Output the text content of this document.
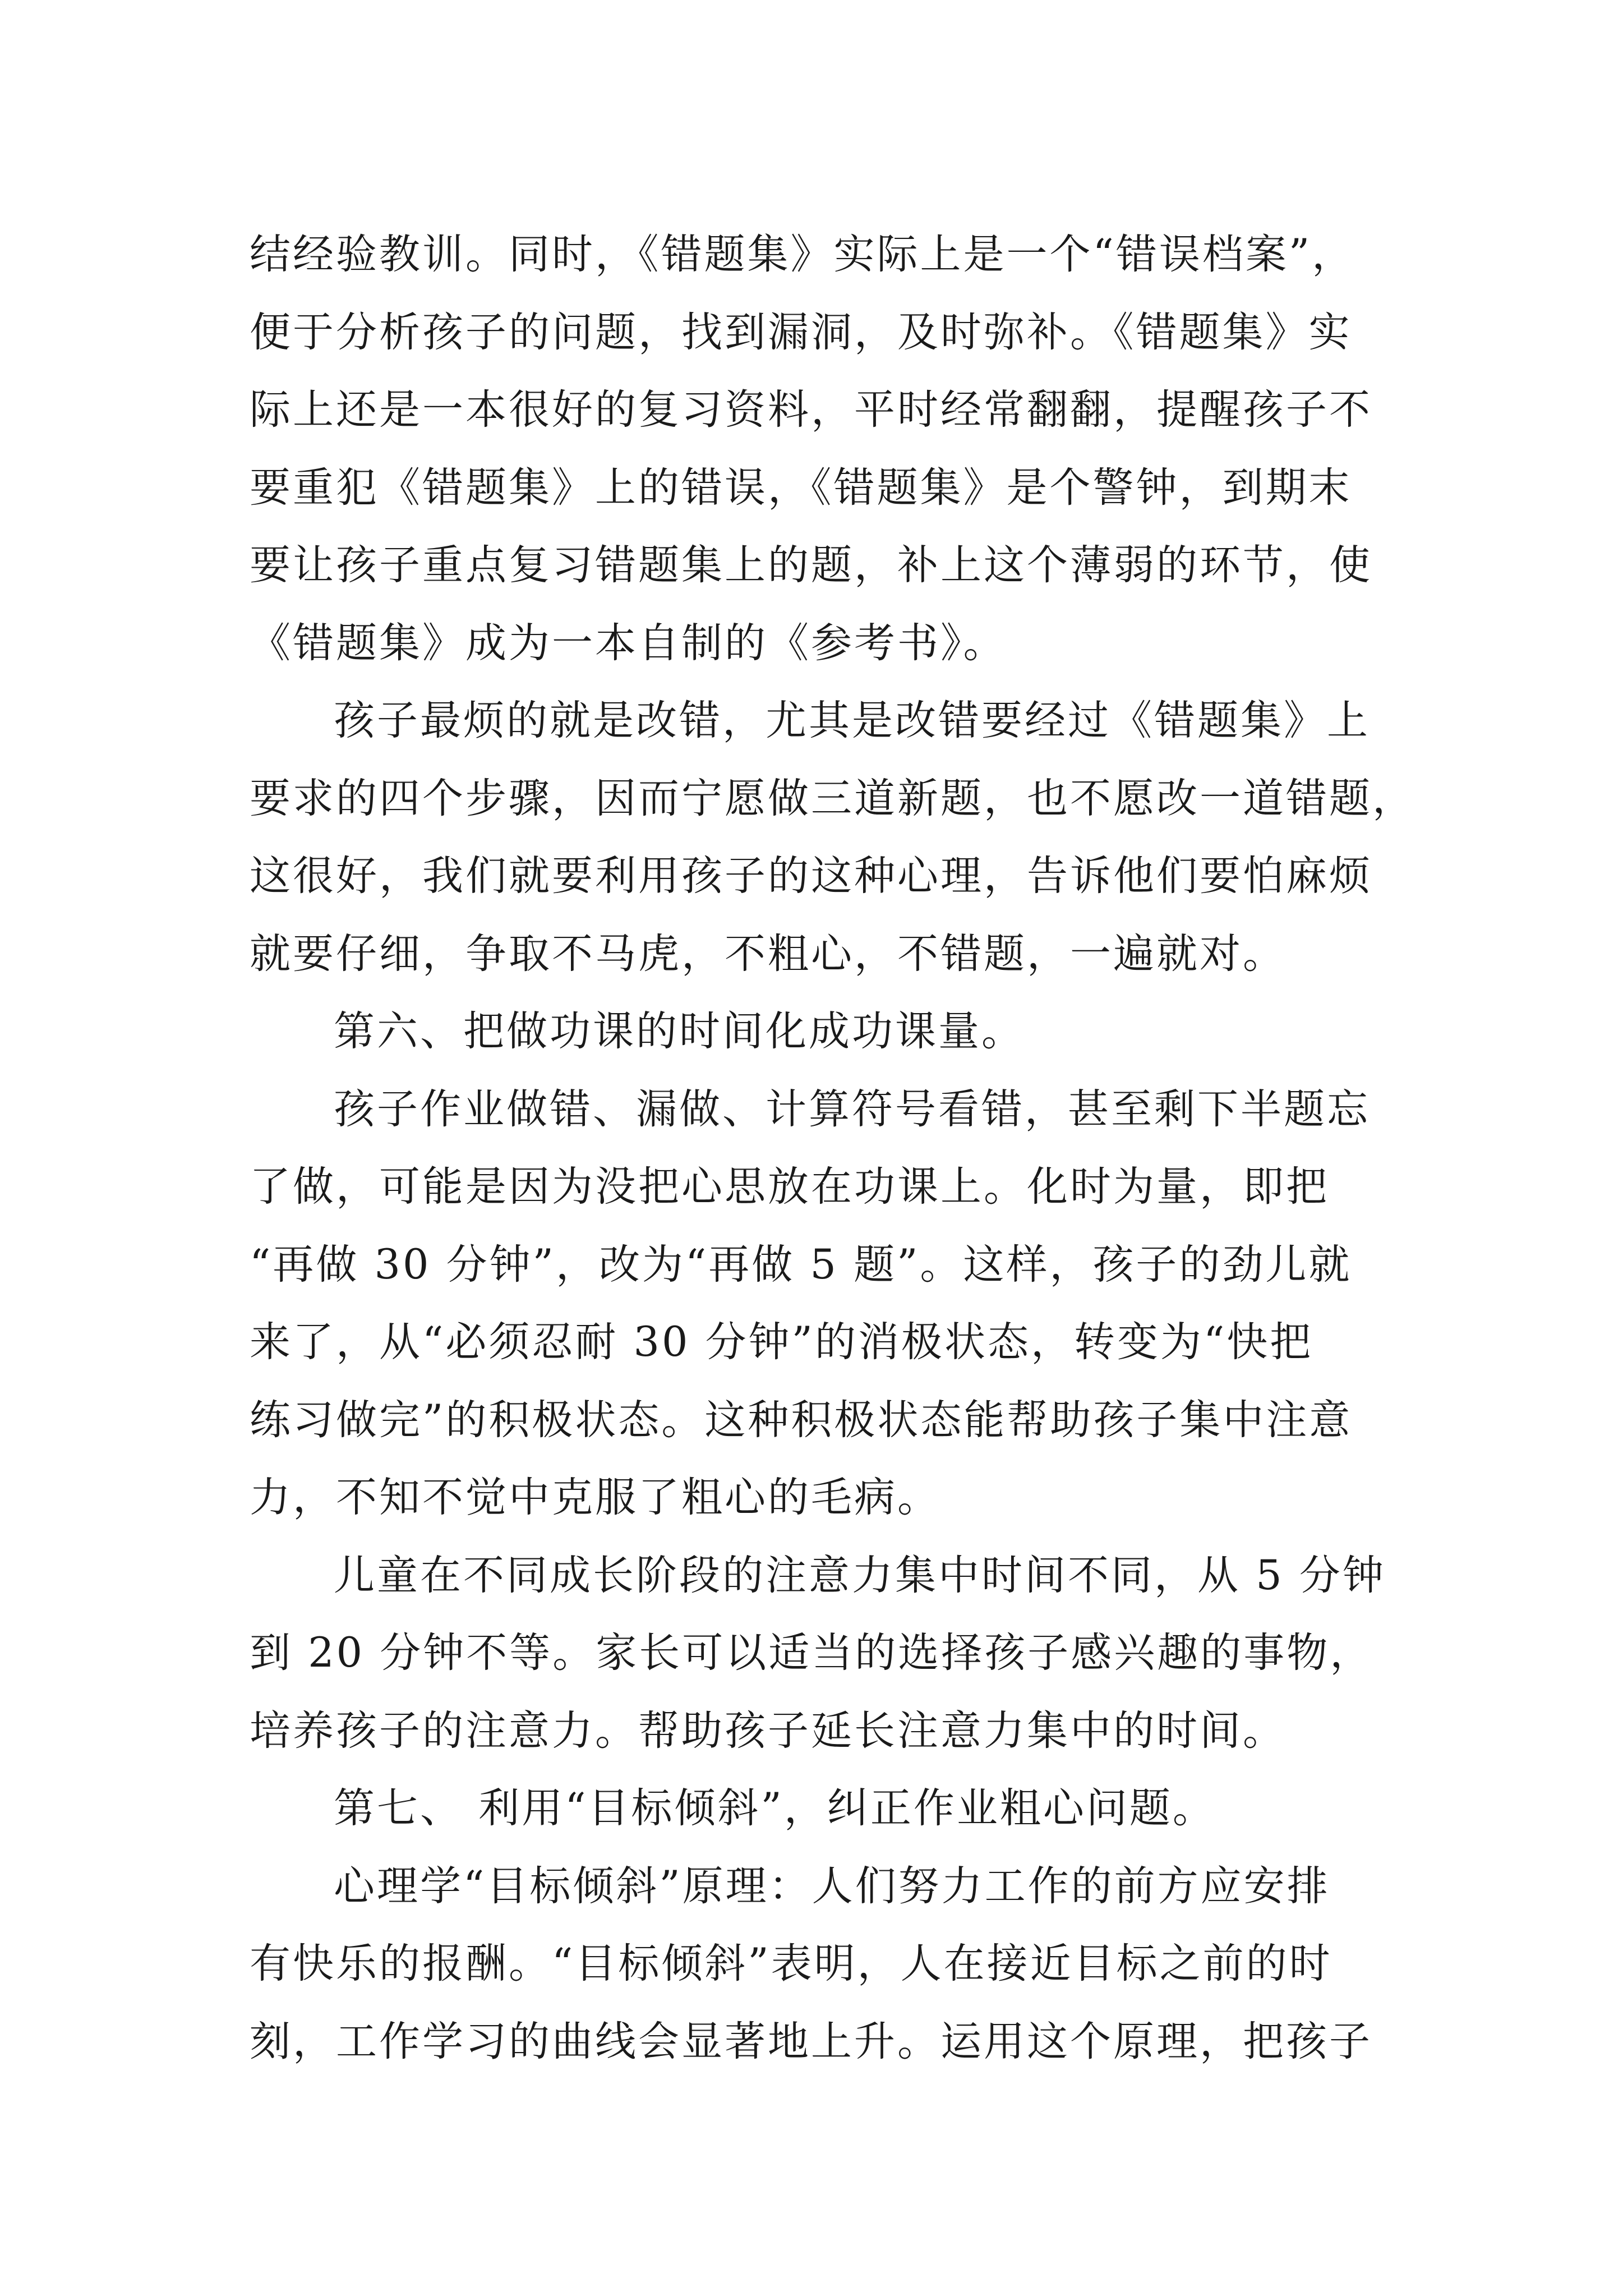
结经验教训。同时，《错题集》实际上是一个“错误档案”，
便于分析孩子的问题，找到漏洞，及时弥补。《错题集》实
际上还是一本很好的复习资料，平时经常翻翻，提醒孩子不
要重犯《错题集》上的错误，《错题集》是个警钟，到期末
要让孩子重点复习错题集上的题，补上这个薄弱的环节，使
《错题集》成为一本自制的《参考书》。
孩子最烦的就是改错，尤其是改错要经过《错题集》上
要求的四个步骤，因而宁愿做三道新题，也不愿改一道错题，
这很好，我们就要利用孩子的这种心理，告诉他们要怕麻烦
就要仔细，争取不马虎，不粗心，不错题，一遍就对。
第六、把做功课的时间化成功课量。
孩子作业做错、漏做、计算符号看错，甚至剩下半题忘
了做，可能是因为没把心思放在功课上。化时为量，即把
“再做 30 分钟”，改为“再做 5 题”。这样，孩子的劲儿就
来了，从“必须忍耐 30 分钟”的消极状态，转变为“快把
练习做完”的积极状态。这种积极状态能帮助孩子集中注意
力，不知不觉中克服了粗心的毛病。
儿童在不同成长阶段的注意力集中时间不同，从 5 分钟
到 20 分钟不等。家长可以适当的选择孩子感兴趣的事物，
培养孩子的注意力。帮助孩子延长注意力集中的时间。
第七、 利用“目标倾斜”，纠正作业粗心问题。
心理学“目标倾斜”原理：人们努力工作的前方应安排
有快乐的报酬。“目标倾斜”表明，人在接近目标之前的时
刻，工作学习的曲线会显著地上升。运用这个原理，把孩子
